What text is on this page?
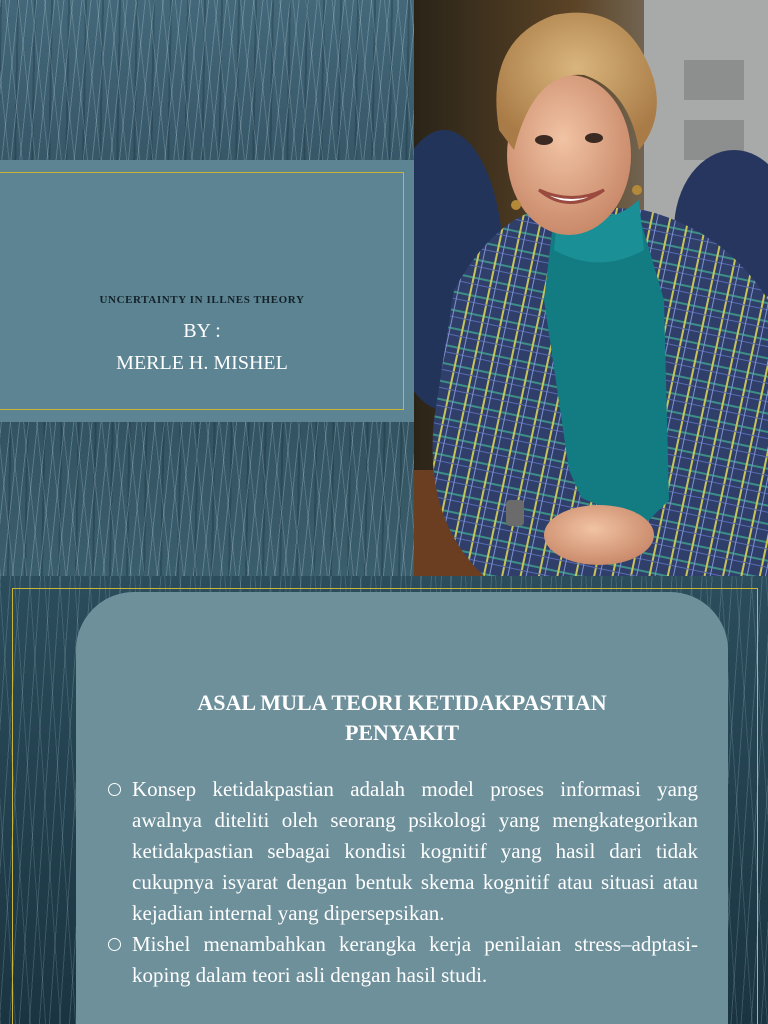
UNCERTAINTY IN ILLNES THEORY
BY :
MERLE H. MISHEL
ASAL MULA TEORI KETIDAKPASTIAN
PENYAKIT
Konsep ketidakpastian adalah model proses informasi yang awalnya diteliti oleh seorang psikologi yang mengkategorikan ketidakpastian sebagai kondisi kognitif yang hasil dari tidak cukupnya isyarat dengan bentuk skema kognitif atau situasi atau kejadian internal yang dipersepsikan.
Mishel menambahkan kerangka kerja penilaian stress–adptasi-koping dalam teori asli dengan hasil studi.
